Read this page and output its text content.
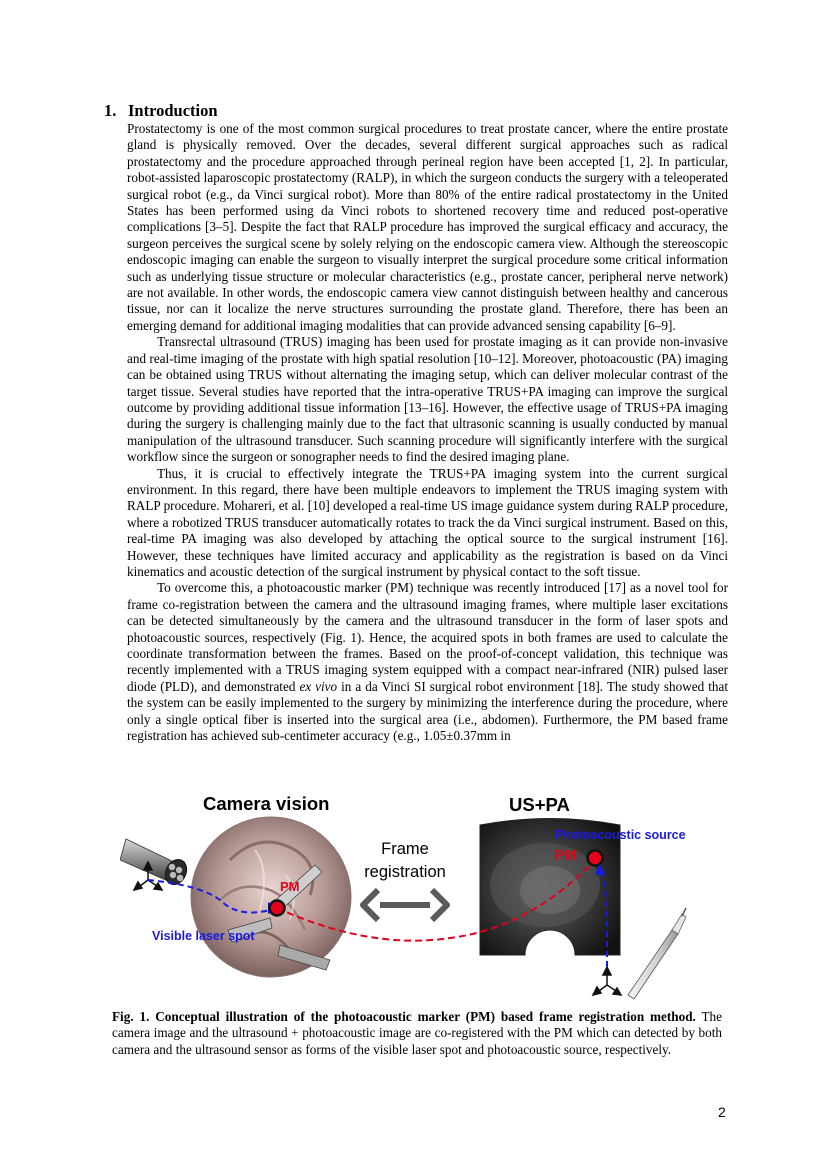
1. Introduction

Prostatectomy is one of the most common surgical procedures to treat prostate cancer, where the entire prostate gland is physically removed. Over the decades, several different surgical approaches such as radical prostatectomy and the procedure approached through perineal region have been accepted [1, 2]. In particular, robot-assisted laparoscopic prostatectomy (RALP), in which the surgeon conducts the surgery with a teleoperated surgical robot (e.g., da Vinci surgical robot). More than 80% of the entire radical prostatectomy in the United States has been performed using da Vinci robots to shortened recovery time and reduced post-operative complications [3–5]. Despite the fact that RALP procedure has improved the surgical efficacy and accuracy, the surgeon perceives the surgical scene by solely relying on the endoscopic camera view. Although the stereoscopic endoscopic imaging can enable the surgeon to visually interpret the surgical procedure some critical information such as underlying tissue structure or molecular characteristics (e.g., prostate cancer, peripheral nerve network) are not available. In other words, the endoscopic camera view cannot distinguish between healthy and cancerous tissue, nor can it localize the nerve structures surrounding the prostate gland. Therefore, there has been an emerging demand for additional imaging modalities that can provide advanced sensing capability [6–9].

Transrectal ultrasound (TRUS) imaging has been used for prostate imaging as it can provide non-invasive and real-time imaging of the prostate with high spatial resolution [10–12]. Moreover, photoacoustic (PA) imaging can be obtained using TRUS without alternating the imaging setup, which can deliver molecular contrast of the target tissue. Several studies have reported that the intra-operative TRUS+PA imaging can improve the surgical outcome by providing additional tissue information [13–16]. However, the effective usage of TRUS+PA imaging during the surgery is challenging mainly due to the fact that ultrasonic scanning is usually conducted by manual manipulation of the ultrasound transducer. Such scanning procedure will significantly interfere with the surgical workflow since the surgeon or sonographer needs to find the desired imaging plane.

Thus, it is crucial to effectively integrate the TRUS+PA imaging system into the current surgical environment. In this regard, there have been multiple endeavors to implement the TRUS imaging system with RALP procedure. Mohareri, et al. [10] developed a real-time US image guidance system during RALP procedure, where a robotized TRUS transducer automatically rotates to track the da Vinci surgical instrument. Based on this, real-time PA imaging was also developed by attaching the optical source to the surgical instrument [16]. However, these techniques have limited accuracy and applicability as the registration is based on da Vinci kinematics and acoustic detection of the surgical instrument by physical contact to the soft tissue.

To overcome this, a photoacoustic marker (PM) technique was recently introduced [17] as a novel tool for frame co-registration between the camera and the ultrasound imaging frames, where multiple laser excitations can be detected simultaneously by the camera and the ultrasound transducer in the form of laser spots and photoacoustic sources, respectively (Fig. 1). Hence, the acquired spots in both frames are used to calculate the coordinate transformation between the frames. Based on the proof-of-concept validation, this technique was recently implemented with a TRUS imaging system equipped with a compact near-infrared (NIR) pulsed laser diode (PLD), and demonstrated ex vivo in a da Vinci SI surgical robot environment [18]. The study showed that the system can be easily implemented to the surgery by minimizing the interference during the procedure, where only a single optical fiber is inserted into the surgical area (i.e., abdomen). Furthermore, the PM based frame registration has achieved sub-centimeter accuracy (e.g., 1.05±0.37mm in

Camera vision	US+PA
PM
PM
Visible laser spot
Photoacoustic source
Frame
registration
Fig. 1. Conceptual illustration of the photoacoustic marker (PM) based frame registration method. The camera image and the ultrasound + photoacoustic image are co-registered with the PM which can detected by both camera and the ultrasound sensor as forms of the visible laser spot and photoacoustic source, respectively.
2
